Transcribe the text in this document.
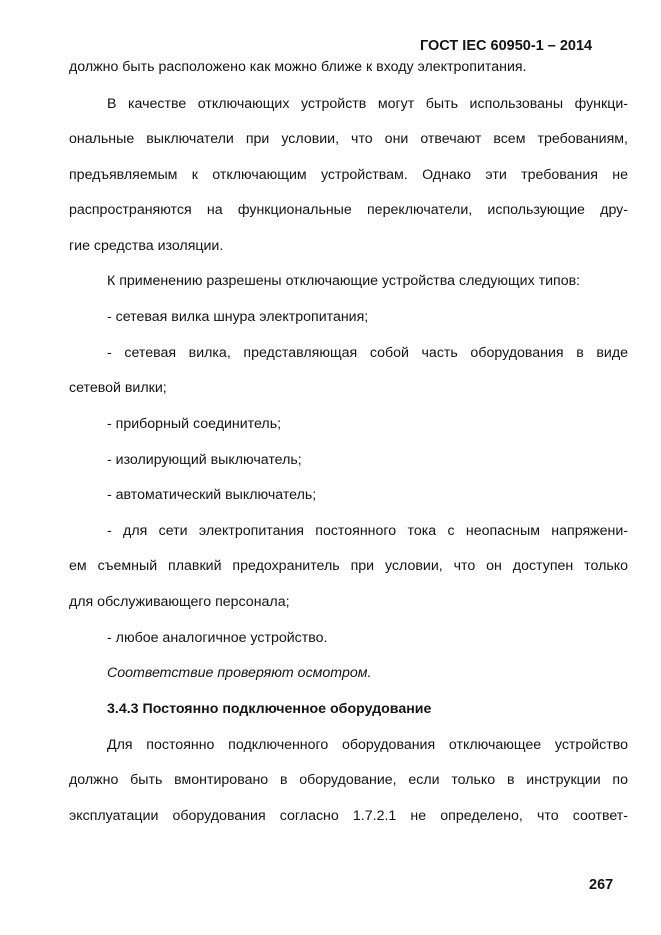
ГОСТ IEC 60950-1 – 2014
должно быть расположено как можно ближе к входу электропитания.
В качестве отключающих устройств могут быть использованы функци-
ональные выключатели при условии, что они отвечают всем требованиям,
предъявляемым к отключающим устройствам. Однако эти требования не
распространяются на функциональные переключатели, использующие дру-
гие средства изоляции.
К применению разрешены отключающие устройства следующих типов:
- сетевая вилка шнура электропитания;
- сетевая вилка, представляющая собой часть оборудования в виде
сетевой вилки;
- приборный соединитель;
- изолирующий выключатель;
- автоматический выключатель;
- для сети электропитания постоянного тока с неопасным напряжени-
ем съемный плавкий предохранитель при условии, что он доступен только
для обслуживающего персонала;
- любое аналогичное устройство.
Соответствие проверяют осмотром.
3.4.3 Постоянно подключенное оборудование
Для постоянно подключенного оборудования отключающее устройство
должно быть вмонтировано в оборудование, если только в инструкции по
эксплуатации оборудования согласно 1.7.2.1 не определено, что соответ-
267
